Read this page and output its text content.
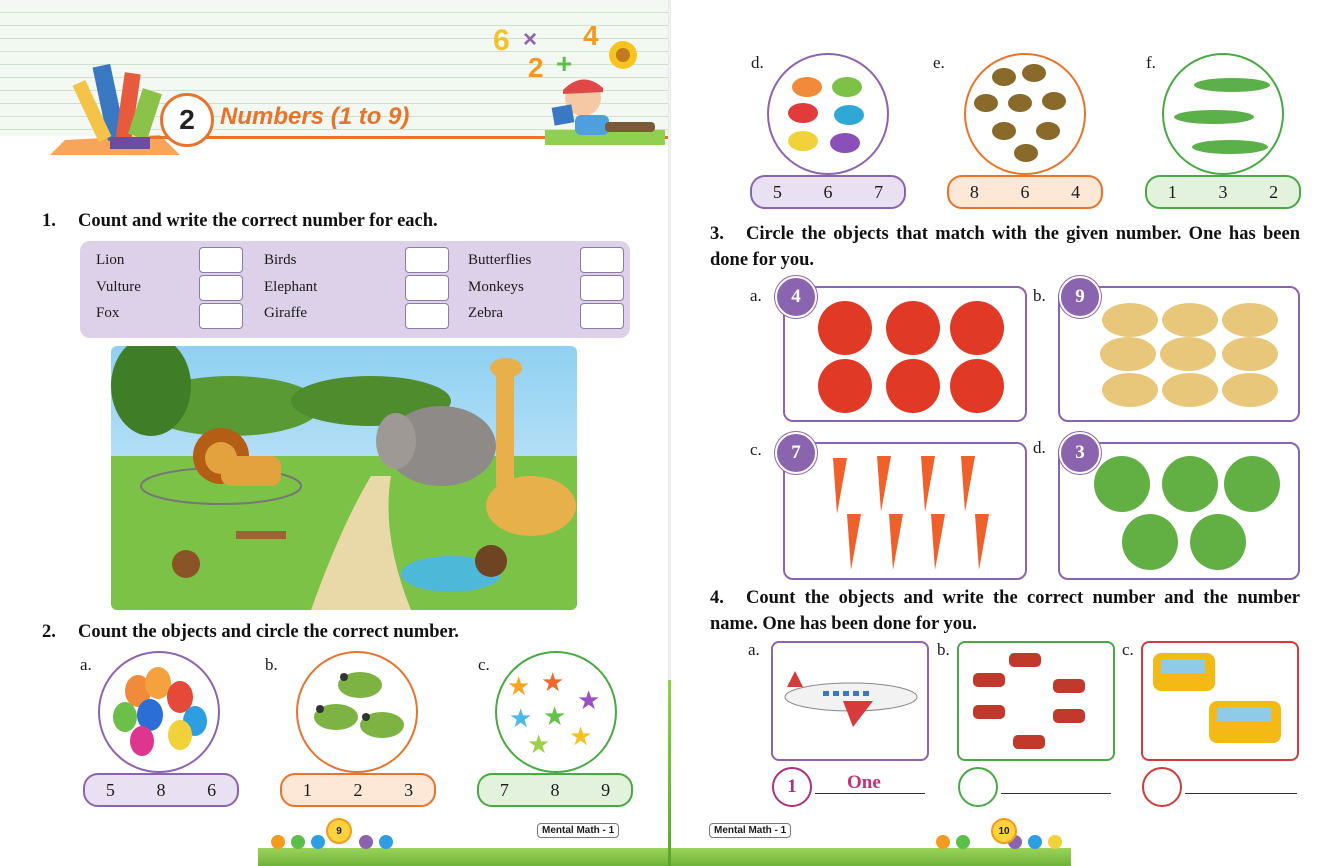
2	Numbers (1 to 9)
6 ×
2 +
4
1. Count and write the correct number for each.
Lion	Birds	Butterflies
Vulture	Elephant	Monkeys
Fox	Giraffe	Zebra
2. Count the objects and circle the correct number.
a.
5 8 6
b.
1 2 3
c.
★ ★
★
★ ★
★
★
7 8 9
9	Mental Math - 1
d.
5 6 7
e.
8 6 4
f.
1 3 2
3. Circle the objects that match with the given number. One has been done for you.
a.	4	b.	9
c.	7	d.	3
4. Count the objects and write the correct number and the number name. One has been done for you.
a.
1	One
b.	c.
10
Mental Math - 1
